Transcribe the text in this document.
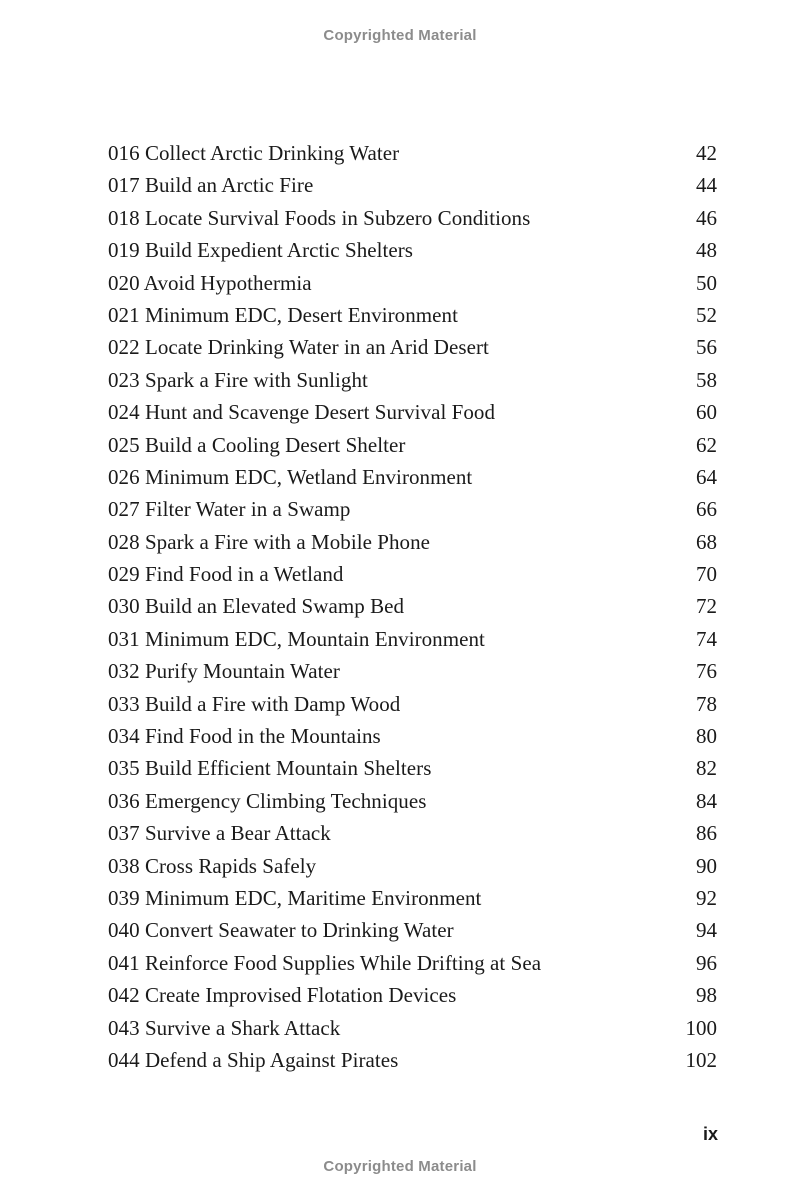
Copyrighted Material
016 Collect Arctic Drinking Water	42
017 Build an Arctic Fire	44
018 Locate Survival Foods in Subzero Conditions	46
019 Build Expedient Arctic Shelters	48
020 Avoid Hypothermia	50
021 Minimum EDC, Desert Environment	52
022 Locate Drinking Water in an Arid Desert	56
023 Spark a Fire with Sunlight	58
024 Hunt and Scavenge Desert Survival Food	60
025 Build a Cooling Desert Shelter	62
026 Minimum EDC, Wetland Environment	64
027 Filter Water in a Swamp	66
028 Spark a Fire with a Mobile Phone	68
029 Find Food in a Wetland	70
030 Build an Elevated Swamp Bed	72
031 Minimum EDC, Mountain Environment	74
032 Purify Mountain Water	76
033 Build a Fire with Damp Wood	78
034 Find Food in the Mountains	80
035 Build Efficient Mountain Shelters	82
036 Emergency Climbing Techniques	84
037 Survive a Bear Attack	86
038 Cross Rapids Safely	90
039 Minimum EDC, Maritime Environment	92
040 Convert Seawater to Drinking Water	94
041 Reinforce Food Supplies While Drifting at Sea	96
042 Create Improvised Flotation Devices	98
043 Survive a Shark Attack	100
044 Defend a Ship Against Pirates	102
ix
Copyrighted Material
